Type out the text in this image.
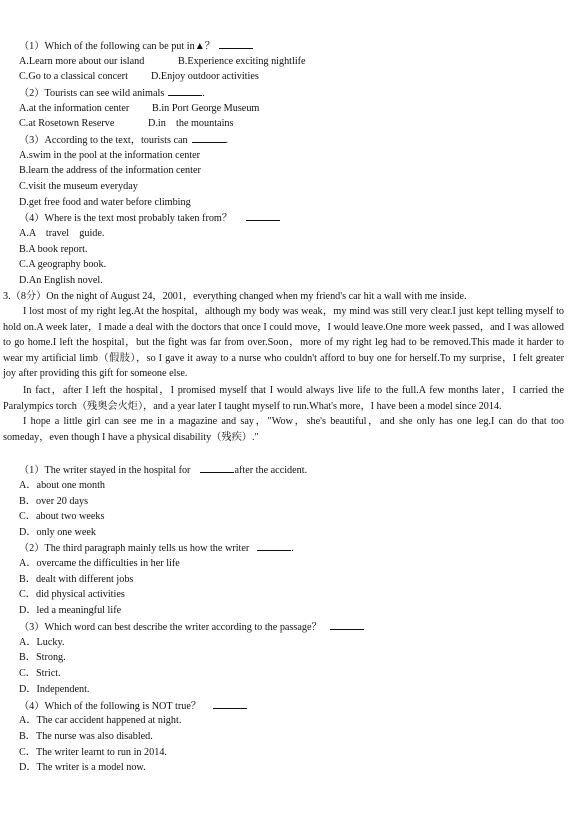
（1）Which of the following can be put in▲？
A.Learn more about our island	B.Experience exciting nightlife
C.Go to a classical concert D.Enjoy outdoor activities
（2）Tourists can see wild animals	.
A.at the information center B.in Port George Museum
C.at Rosetown Reserve	D.in    the mountains
（3）According to the text，tourists can	.
A.swim in the pool at the information center
B.learn the address of the information center
C.visit the museum everyday
D.get free food and water before climbing
（4）Where is the text most probably taken from？
A.A    travel    guide.
B.A book report.
C.A geography book.
D.An English novel.
3.（8分）On the night of August 24，2001，everything changed when my friend's car hit a wall with me inside.
I lost most of my right leg.At the hospital，although my body was weak，my mind was still very clear.I just kept telling myself to hold on.A week later，I made a deal with the doctors that once I could move，I would leave.One more week passed，and I was allowed to go home.I left the hospital，but the fight was far from over.Soon，more of my right leg had to be removed.This made it harder to wear my artificial limb（假肢），so I gave it away to a nurse who couldn't afford to buy one for herself.To my surprise，I felt greater joy after providing this gift for someone else.
In fact，after I left the hospital，I promised myself that I would always live life to the full.A few months later，I carried the Paralympics torch（残奥会火炬），and a year later I taught myself to run.What's more，I have been a model since 2014.
I hope a little girl can see me in a magazine and say，"Wow，she's beautiful，and she only has one leg.I can do that too someday，even though I have a physical disability（残疾）."
（1）The writer stayed in the hospital for	after the accident.
A．about one month
B．over 20 days
C．about two weeks
D．only one week
（2）The third paragraph mainly tells us how the writer	.
A．overcame the difficulties in her life
B．dealt with different jobs
C．did physical activities
D．led a meaningful life
（3）Which word can best describe the writer according to the passage？
A．Lucky.
B．Strong.
C．Strict.
D．Independent.
（4）Which of the following is NOT true？
A．The car accident happened at night.
B．The nurse was also disabled.
C．The writer learnt to run in 2014.
D．The writer is a model now.
